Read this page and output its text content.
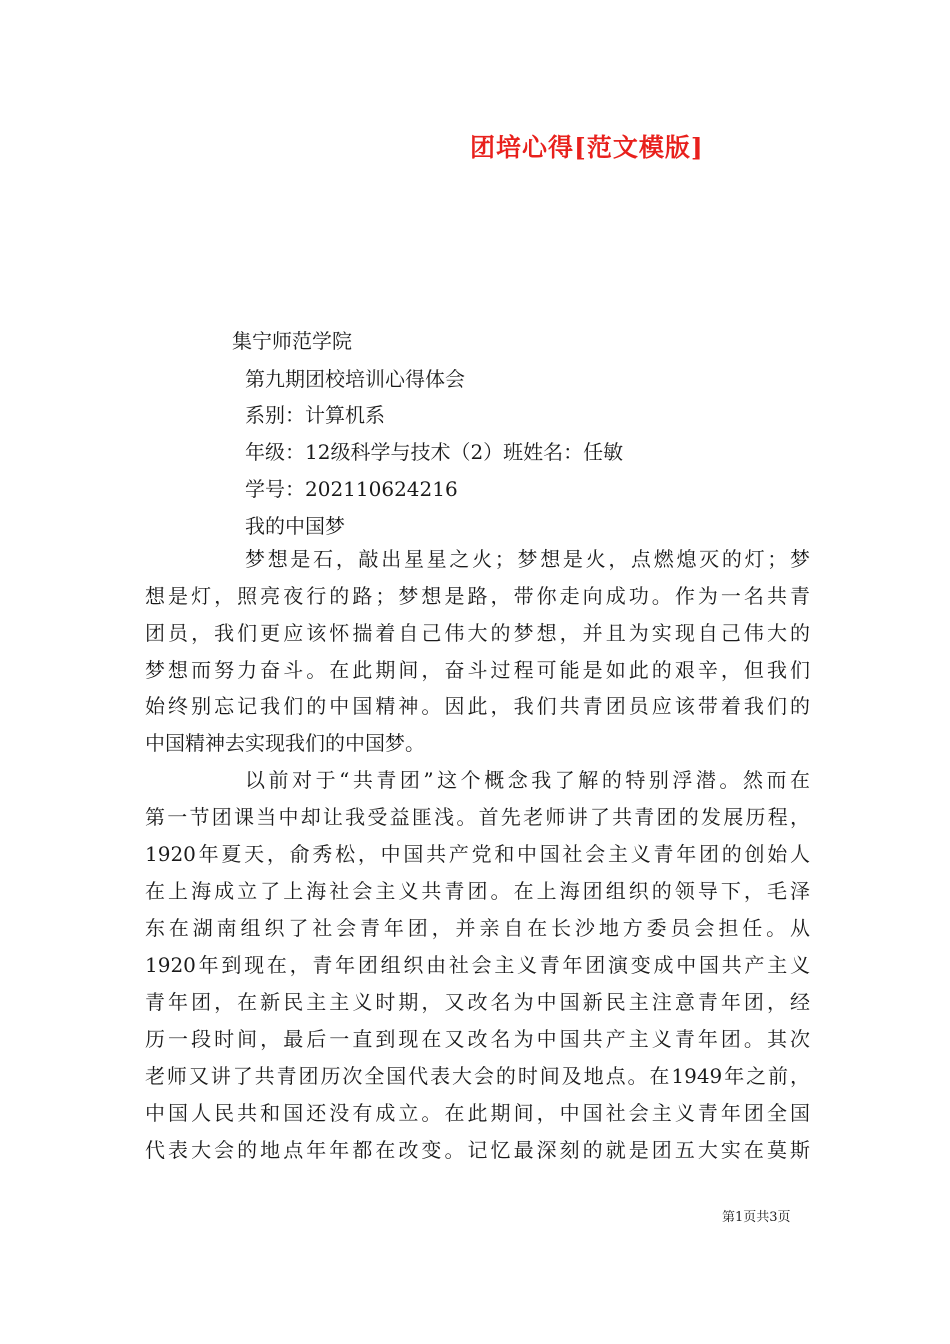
团培心得[范文模版]
集宁师范学院
第九期团校培训心得体会
系别：计算机系
年级：12级科学与技术（2）班姓名：任敏
学号：202110624216
我的中国梦
梦想是石，敲出星星之火；梦想是火，点燃熄灭的灯；梦
想是灯，照亮夜行的路；梦想是路，带你走向成功。作为一名共青
团员，我们更应该怀揣着自己伟大的梦想，并且为实现自己伟大的
梦想而努力奋斗。在此期间，奋斗过程可能是如此的艰辛，但我们
始终别忘记我们的中国精神。因此，我们共青团员应该带着我们的
中国精神去实现我们的中国梦。
以前对于“共青团”这个概念我了解的特别浮潜。然而在
第一节团课当中却让我受益匪浅。首先老师讲了共青团的发展历程，
1920年夏天，俞秀松，中国共产党和中国社会主义青年团的创始人
在上海成立了上海社会主义共青团。在上海团组织的领导下，毛泽
东在湖南组织了社会青年团，并亲自在长沙地方委员会担任。从
1920年到现在，青年团组织由社会主义青年团演变成中国共产主义
青年团，在新民主主义时期，又改名为中国新民主注意青年团，经
历一段时间，最后一直到现在又改名为中国共产主义青年团。其次
老师又讲了共青团历次全国代表大会的时间及地点。在1949年之前，
中国人民共和国还没有成立。在此期间，中国社会主义青年团全国
代表大会的地点年年都在改变。记忆最深刻的就是团五大实在莫斯
第1页共3页
